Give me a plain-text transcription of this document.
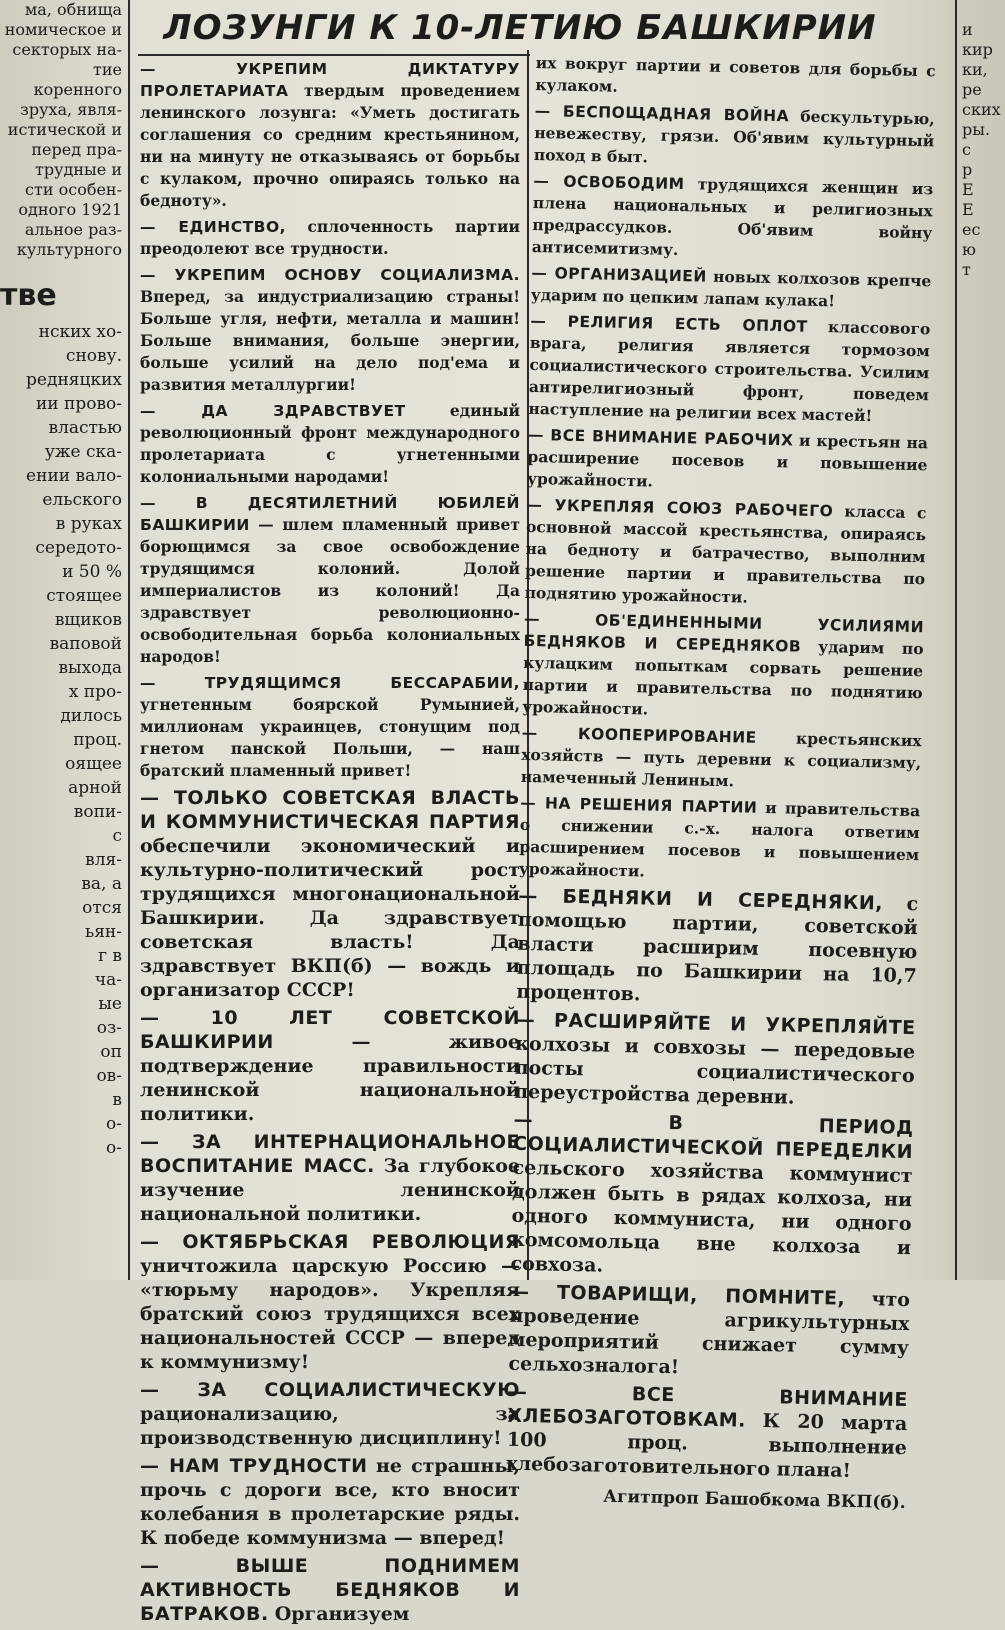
ма, обнища
номическое и
секторых на-
тие коренного
зруха, явля-
истической и
перед пра-
трудные и
сти особен-
одного 1921
альное раз-
культурного
тве
нских хо-
снову.
редняцких
ии прово-
властью
уже ска-
ении вало-
ельского
в руках
середото-
и 50 %
стоящее
вщиков
ваповой
выхода
х про-
дилось
проц.
оящее
арной
вопи-
с
вля-
ва, а
отся
ьян-
г в
ча-
ые
оз-
оп
ов-
в
о-
о-
ЛОЗУНГИ К 10-ЛЕТИЮ БАШКИРИИ

— УКРЕПИМ ДИКТАТУРУ ПРОЛЕТАРИАТА твердым проведением ленинского лозунга: «Уметь достигать соглашения со средним крестьянином, ни на минуту не отказываясь от борьбы с кулаком, прочно опираясь только на бедноту».

— ЕДИНСТВО, сплоченность партии преодолеют все трудности.

— УКРЕПИМ ОСНОВУ СОЦИАЛИЗМА. Вперед, за индустриализацию страны! Больше угля, нефти, металла и машин! Больше внимания, больше энергии, больше усилий на дело под'ема и развития металлургии!

— ДА ЗДРАВСТВУЕТ	единый революционный фронт международного пролетариата с угнетенными колониальными народами!

— В ДЕСЯТИЛЕТНИЙ ЮБИЛЕЙ БАШКИРИИ — шлем пламенный привет борющимся за свое освобождение трудящимся колоний. Долой империалистов из колоний! Да здравствует революционно-освободительная борьба колониальных народов!

— ТРУДЯЩИМСЯ БЕССАРАБИИ, угнетенным боярской Румынией, миллионам украинцев, стонущим под гнетом панской Польши, — наш братский пламенный привет!

— ТОЛЬКО СОВЕТСКАЯ ВЛАСТЬ И КОММУНИСТИЧЕСКАЯ ПАРТИЯ обеспечили экономический и культурно-политический рост трудящихся многонациональной Башкирии. Да здравствует советская власть! Да здравствует ВКП(б) — вождь и организатор СССР!

— 10 ЛЕТ СОВЕТСКОЙ БАШКИРИИ	— живое подтверждение правильности ленинской национальной политики.

— ЗА ИНТЕРНАЦИОНАЛЬНОЕ ВОСПИТАНИЕ МАСС. За глубокое изучение ленинской национальной политики.

— ОКТЯБРЬСКАЯ РЕВОЛЮЦИЯ уничтожила царскую Россию — «тюрьму народов». Укрепляя братский союз трудящихся всех национальностей СССР — вперед к коммунизму!

— ЗА СОЦИАЛИСТИЧЕСКУЮ рационализацию, за производственную дисциплину!

— НАМ ТРУДНОСТИ не страшны, прочь с дороги все, кто вносит колебания в пролетарские ряды. К победе коммунизма — вперед!

— ВЫШЕ ПОДНИМЕМ АКТИВНОСТЬ БЕДНЯКОВ И БАТРАКОВ. Организуем

их вокруг партии и советов для борьбы с кулаком.

— БЕСПОЩАДНАЯ ВОЙНА бескультурью, невежеству, грязи. Об'явим культурный поход в быт.

— ОСВОБОДИМ трудящихся женщин из плена национальных и религиозных предрассудков. Об'явим войну антисемитизму.

— ОРГАНИЗАЦИЕЙ новых колхозов крепче ударим по цепким лапам кулака!

— РЕЛИГИЯ ЕСТЬ ОПЛОТ классового врага, религия является тормозом социалистического строительства. Усилим антирелигиозный фронт, поведем наступление на религии всех мастей!

— ВСЕ ВНИМАНИЕ РАБОЧИХ и крестьян на расширение посевов и повышение урожайности.

— УКРЕПЛЯЯ СОЮЗ РАБОЧЕГО класса с основной массой крестьянства, опираясь на бедноту и батрачество, выполним решение партии и правительства по поднятию урожайности.

— ОБ'ЕДИНЕННЫМИ УСИЛИЯМИ БЕДНЯКОВ И СЕРЕДНЯКОВ ударим по кулацким попыткам сорвать решение партии и правительства по поднятию урожайности.

— КООПЕРИРОВАНИЕ	крестьянских хозяйств — путь деревни к социализму, намеченный Лениным.

— НА РЕШЕНИЯ ПАРТИИ и правительства о снижении с.-х. налога ответим расширением посевов и повышением урожайности.

— БЕДНЯКИ И СЕРЕДНЯКИ, с помощью партии, советской власти расширим посевную площадь по Башкирии на 10,7 процентов.

— РАСШИРЯЙТЕ И УКРЕПЛЯЙТЕ колхозы и совхозы — передовые посты социалистического переустройства деревни.

— В ПЕРИОД СОЦИАЛИСТИЧЕСКОЙ ПЕРЕДЕЛКИ сельского хозяйства коммунист должен быть в рядах колхоза, ни одного коммуниста, ни одного комсомольца вне колхоза и совхоза.

— ТОВАРИЩИ, ПОМНИТЕ, что проведение агрикультурных мероприятий снижает сумму сельхозналога!

— ВСЕ ВНИМАНИЕ ХЛЕБОЗАГОТОВКАМ. К 20 марта 100 проц. выполнение хлебозаготовительного плана!

Агитпроп Башобкома ВКП(б).
и
кир
ки,
ре
ских
ры.
с
р
Е
Е
ес
ю
т
